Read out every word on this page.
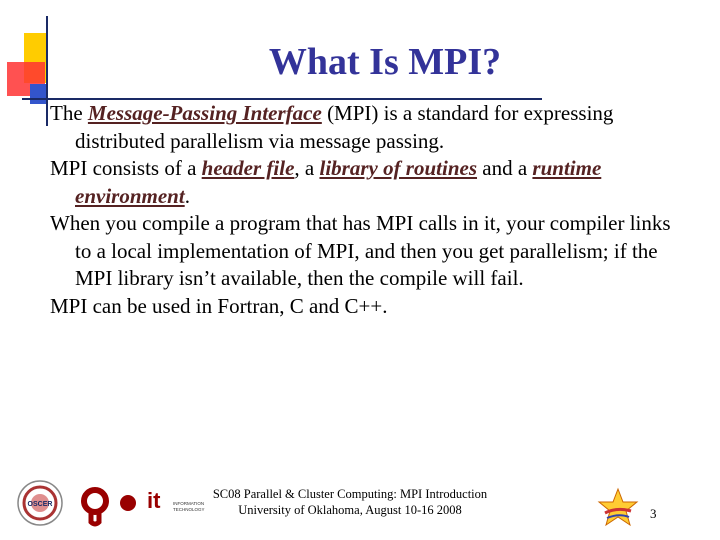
What Is MPI?

The Message-Passing Interface (MPI) is a standard for expressing distributed parallelism via message passing.

MPI consists of a header file, a library of routines and a runtime environment.

When you compile a program that has MPI calls in it, your compiler links to a local implementation of MPI, and then you get parallelism; if the MPI library isn’t available, then the compile will fail.

MPI can be used in Fortran, C and C++.

OSCER	it	INFORMATION
TECHNOLOGY
SC08 Parallel & Cluster Computing: MPI Introduction
University of Oklahoma, August 10-16 2008	3
